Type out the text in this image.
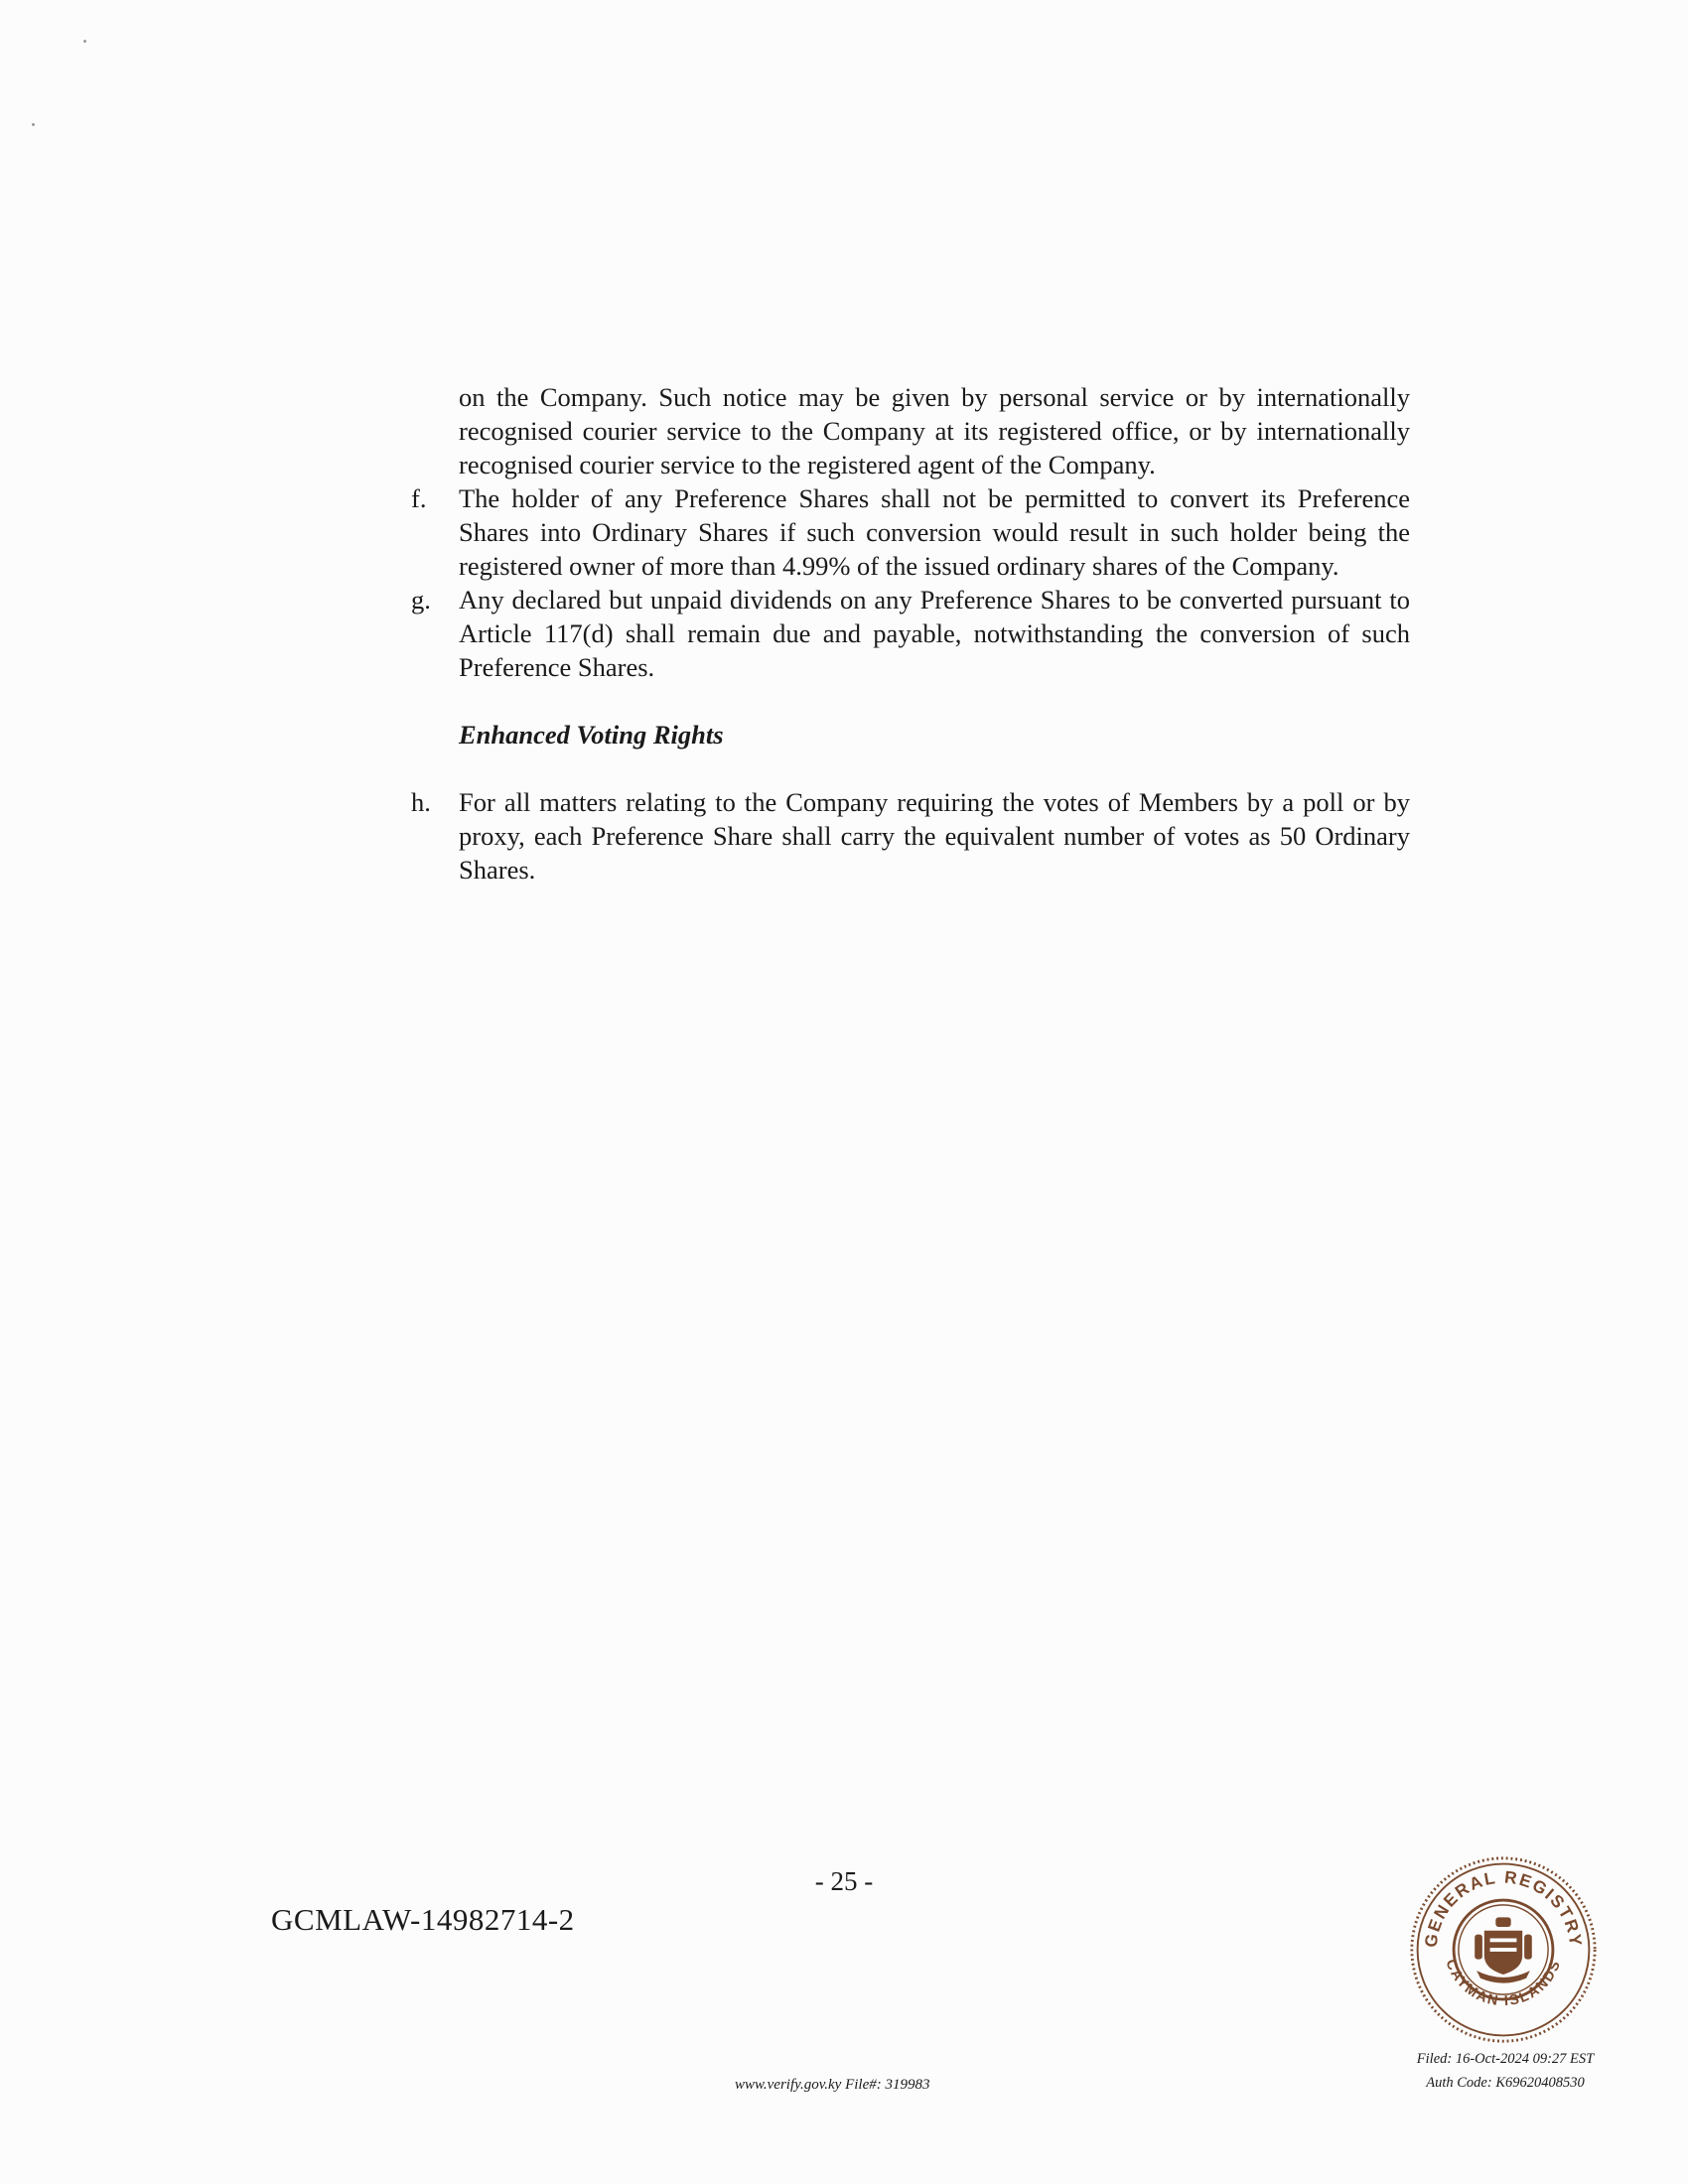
on the Company. Such notice may be given by personal service or by internationally recognised courier service to the Company at its registered office, or by internationally recognised courier service to the registered agent of the Company.

f. The holder of any Preference Shares shall not be permitted to convert its Preference Shares into Ordinary Shares if such conversion would result in such holder being the registered owner of more than 4.99% of the issued ordinary shares of the Company.
g. Any declared but unpaid dividends on any Preference Shares to be converted pursuant to Article 117(d) shall remain due and payable, notwithstanding the conversion of such Preference Shares.
Enhanced Voting Rights
h. For all matters relating to the Company requiring the votes of Members by a poll or by proxy, each Preference Share shall carry the equivalent number of votes as 50 Ordinary Shares.
- 25 -
GCMLAW-14982714-2
www.verify.gov.ky File#: 319983
GENERAL REGISTRY
CAYMAN ISLANDS
Filed: 16-Oct-2024 09:27 EST
Auth Code: K69620408530
